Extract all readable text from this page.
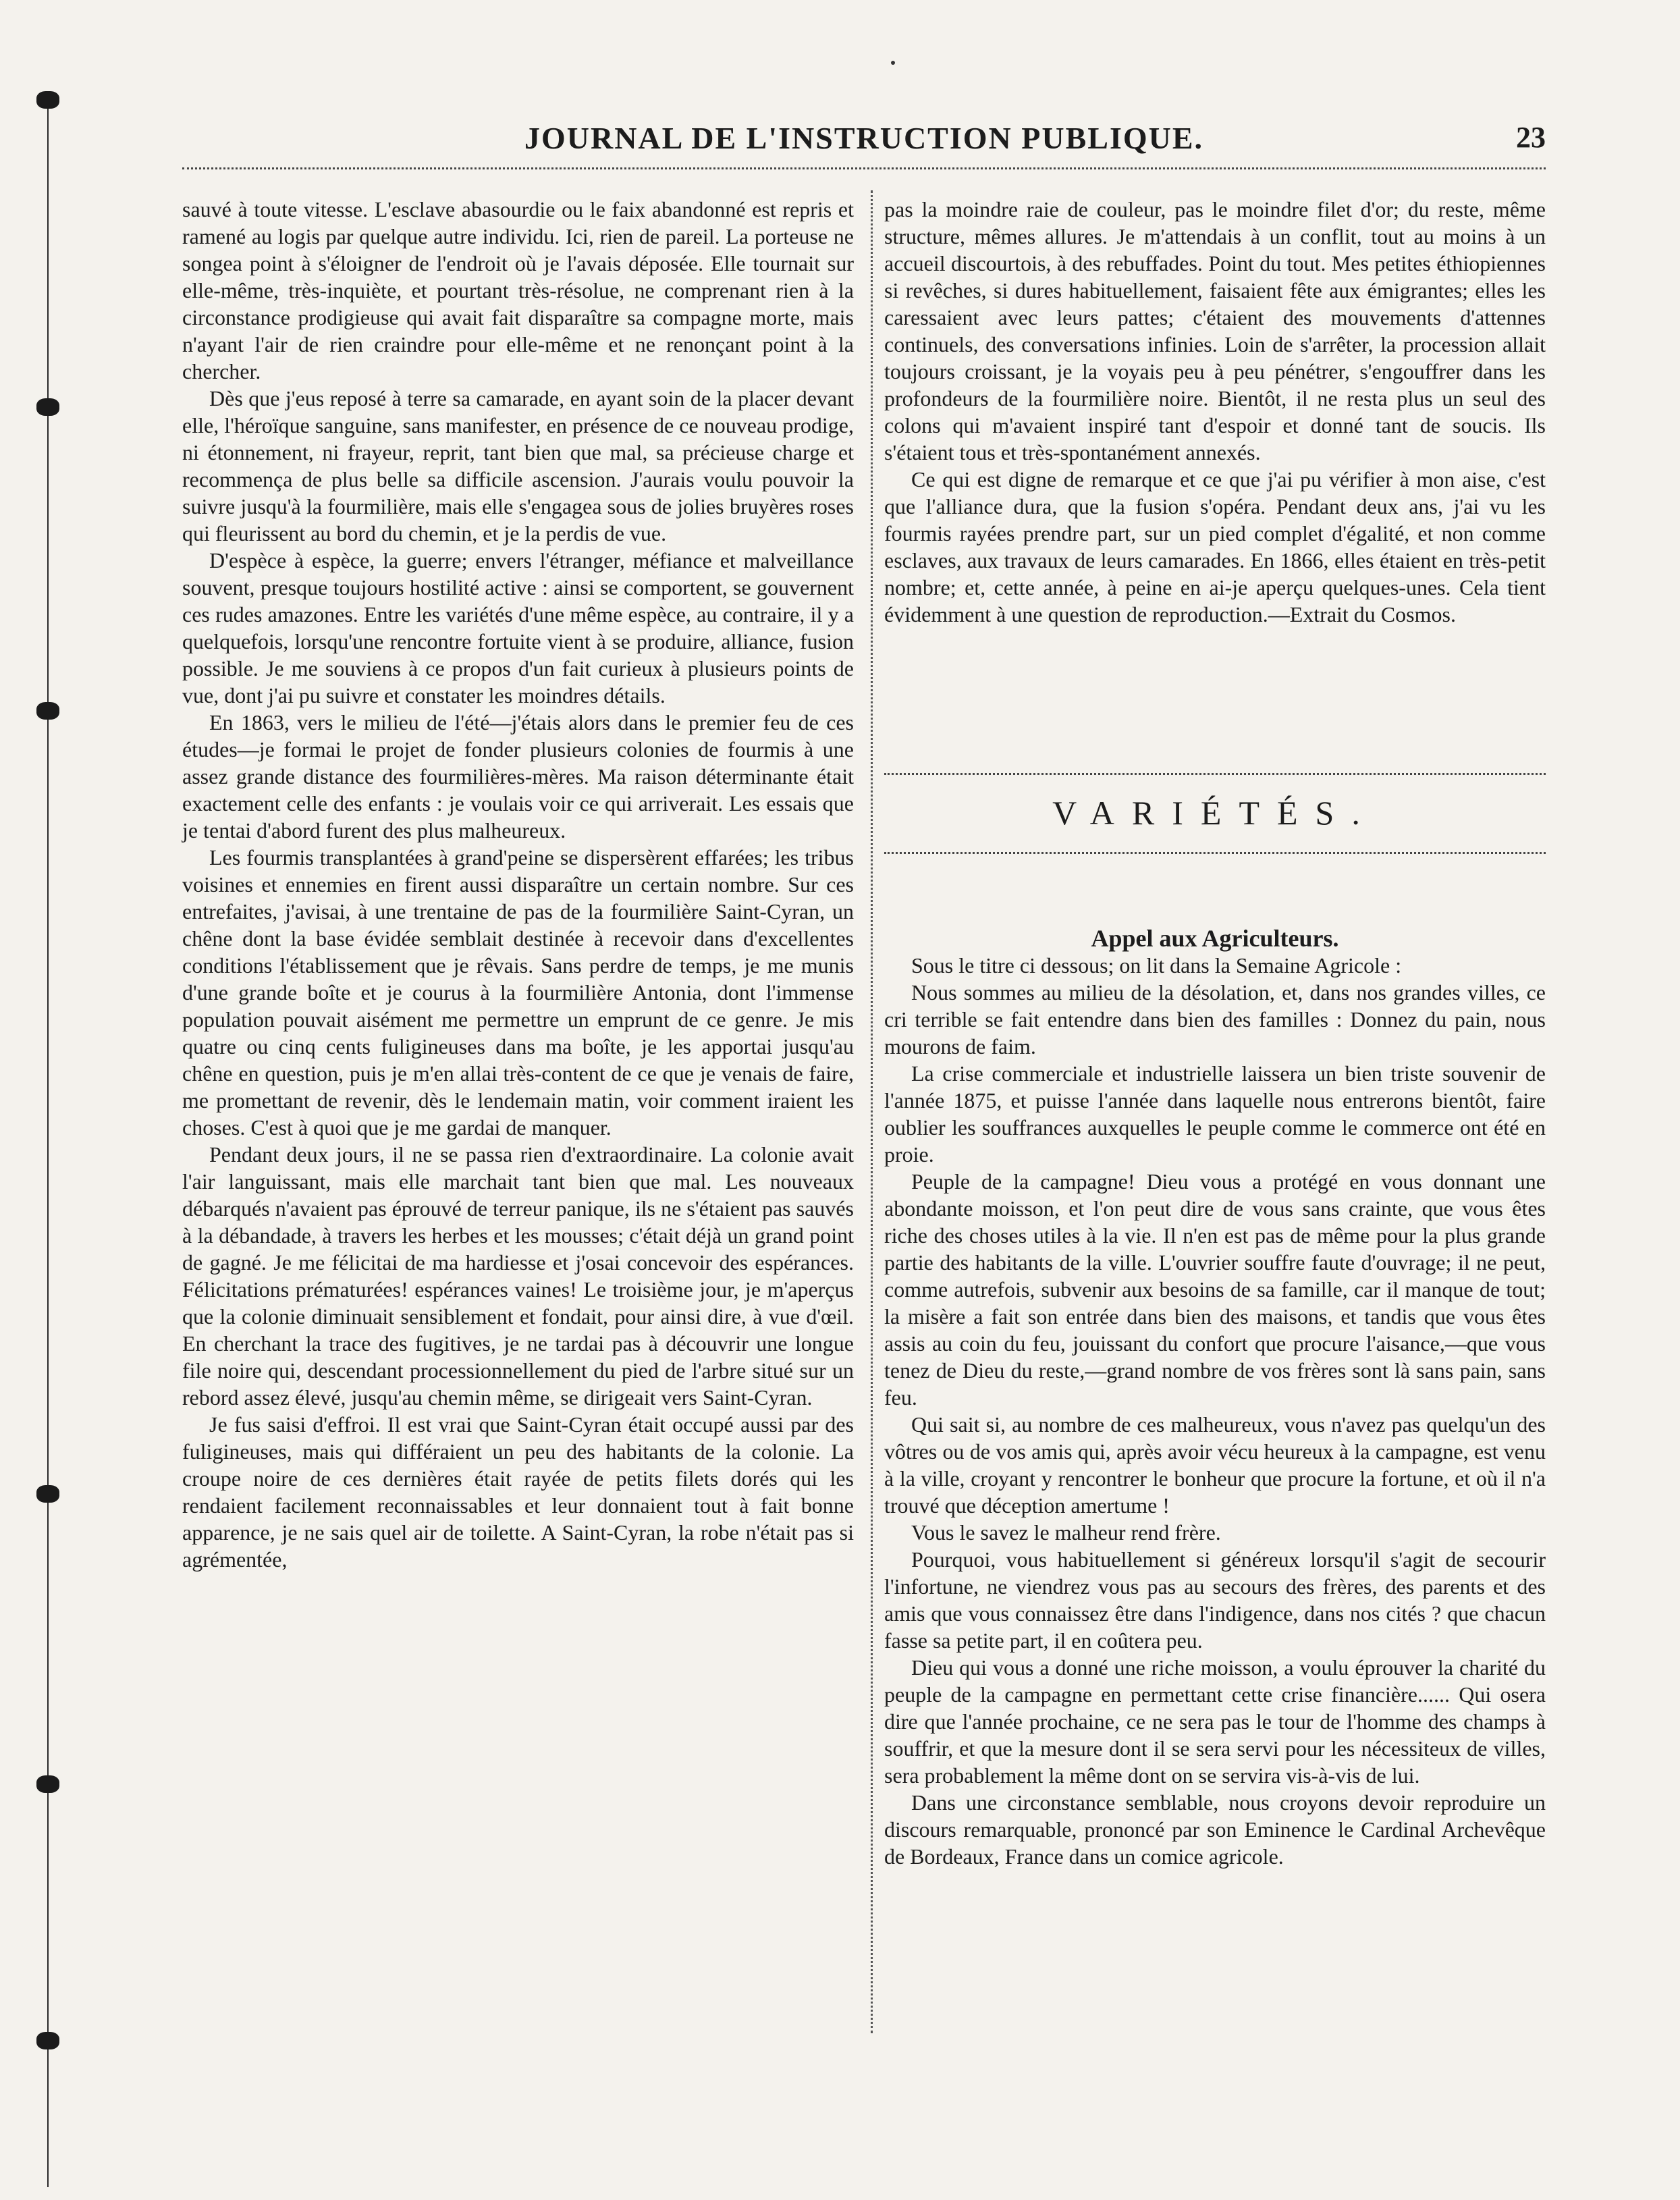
JOURNAL DE L'INSTRUCTION PUBLIQUE.	23

sauvé à toute vitesse. L'esclave abasourdie ou le faix abandonné est repris et ramené au logis par quelque autre individu. Ici, rien de pareil. La porteuse ne songea point à s'éloigner de l'endroit où je l'avais déposée. Elle tournait sur elle-même, très-inquiète, et pourtant très-résolue, ne comprenant rien à la circonstance prodigieuse qui avait fait disparaître sa compagne morte, mais n'ayant l'air de rien craindre pour elle-même et ne renonçant point à la chercher.

Dès que j'eus reposé à terre sa camarade, en ayant soin de la placer devant elle, l'héroïque sanguine, sans manifester, en présence de ce nouveau prodige, ni étonnement, ni frayeur, reprit, tant bien que mal, sa précieuse charge et recommença de plus belle sa difficile ascension. J'aurais voulu pouvoir la suivre jusqu'à la fourmilière, mais elle s'engagea sous de jolies bruyères roses qui fleurissent au bord du chemin, et je la perdis de vue.

D'espèce à espèce, la guerre; envers l'étranger, méfiance et malveillance souvent, presque toujours hostilité active : ainsi se comportent, se gouvernent ces rudes amazones. Entre les variétés d'une même espèce, au contraire, il y a quelquefois, lorsqu'une rencontre fortuite vient à se produire, alliance, fusion possible. Je me souviens à ce propos d'un fait curieux à plusieurs points de vue, dont j'ai pu suivre et constater les moindres détails.

En 1863, vers le milieu de l'été—j'étais alors dans le premier feu de ces études—je formai le projet de fonder plusieurs colonies de fourmis à une assez grande distance des fourmilières-mères. Ma raison déterminante était exactement celle des enfants : je voulais voir ce qui arriverait. Les essais que je tentai d'abord furent des plus malheureux.

Les fourmis transplantées à grand'peine se dispersèrent effarées; les tribus voisines et ennemies en firent aussi disparaître un certain nombre. Sur ces entrefaites, j'avisai, à une trentaine de pas de la fourmilière Saint-Cyran, un chêne dont la base évidée semblait destinée à recevoir dans d'excellentes conditions l'établissement que je rêvais. Sans perdre de temps, je me munis d'une grande boîte et je courus à la fourmilière Antonia, dont l'immense population pouvait aisément me permettre un emprunt de ce genre. Je mis quatre ou cinq cents fuligineuses dans ma boîte, je les apportai jusqu'au chêne en question, puis je m'en allai très-content de ce que je venais de faire, me promettant de revenir, dès le lendemain matin, voir comment iraient les choses. C'est à quoi que je me gardai de manquer.

Pendant deux jours, il ne se passa rien d'extraordinaire. La colonie avait l'air languissant, mais elle marchait tant bien que mal. Les nouveaux débarqués n'avaient pas éprouvé de terreur panique, ils ne s'étaient pas sauvés à la débandade, à travers les herbes et les mousses; c'était déjà un grand point de gagné. Je me félicitai de ma hardiesse et j'osai concevoir des espérances. Félicitations prématurées! espérances vaines! Le troisième jour, je m'aperçus que la colonie diminuait sensiblement et fondait, pour ainsi dire, à vue d'œil. En cherchant la trace des fugitives, je ne tardai pas à découvrir une longue file noire qui, descendant processionnellement du pied de l'arbre situé sur un rebord assez élevé, jusqu'au chemin même, se dirigeait vers Saint-Cyran.

Je fus saisi d'effroi. Il est vrai que Saint-Cyran était occupé aussi par des fuligineuses, mais qui différaient un peu des habitants de la colonie. La croupe noire de ces dernières était rayée de petits filets dorés qui les rendaient facilement reconnaissables et leur donnaient tout à fait bonne apparence, je ne sais quel air de toilette. A Saint-Cyran, la robe n'était pas si agrémentée,

pas la moindre raie de couleur, pas le moindre filet d'or; du reste, même structure, mêmes allures. Je m'attendais à un conflit, tout au moins à un accueil discourtois, à des rebuffades. Point du tout. Mes petites éthiopiennes si revêches, si dures habituellement, faisaient fête aux émigrantes; elles les caressaient avec leurs pattes; c'étaient des mouvements d'attennes continuels, des conversations infinies. Loin de s'arrêter, la procession allait toujours croissant, je la voyais peu à peu pénétrer, s'engouffrer dans les profondeurs de la fourmilière noire. Bientôt, il ne resta plus un seul des colons qui m'avaient inspiré tant d'espoir et donné tant de soucis. Ils s'étaient tous et très-spontanément annexés.

Ce qui est digne de remarque et ce que j'ai pu vérifier à mon aise, c'est que l'alliance dura, que la fusion s'opéra. Pendant deux ans, j'ai vu les fourmis rayées prendre part, sur un pied complet d'égalité, et non comme esclaves, aux travaux de leurs camarades. En 1866, elles étaient en très-petit nombre; et, cette année, à peine en ai-je aperçu quelques-unes. Cela tient évidemment à une question de reproduction.—Extrait du Cosmos.

VARIÉTÉS.

Appel aux Agriculteurs.

Sous le titre ci dessous; on lit dans la Semaine Agricole :

Nous sommes au milieu de la désolation, et, dans nos grandes villes, ce cri terrible se fait entendre dans bien des familles : Donnez du pain, nous mourons de faim.

La crise commerciale et industrielle laissera un bien triste souvenir de l'année 1875, et puisse l'année dans laquelle nous entrerons bientôt, faire oublier les souffrances auxquelles le peuple comme le commerce ont été en proie.

Peuple de la campagne! Dieu vous a protégé en vous donnant une abondante moisson, et l'on peut dire de vous sans crainte, que vous êtes riche des choses utiles à la vie. Il n'en est pas de même pour la plus grande partie des habitants de la ville. L'ouvrier souffre faute d'ouvrage; il ne peut, comme autrefois, subvenir aux besoins de sa famille, car il manque de tout; la misère a fait son entrée dans bien des maisons, et tandis que vous êtes assis au coin du feu, jouissant du confort que procure l'aisance,—que vous tenez de Dieu du reste,—grand nombre de vos frères sont là sans pain, sans feu.

Qui sait si, au nombre de ces malheureux, vous n'avez pas quelqu'un des vôtres ou de vos amis qui, après avoir vécu heureux à la campagne, est venu à la ville, croyant y rencontrer le bonheur que procure la fortune, et où il n'a trouvé que déception amertume !

Vous le savez le malheur rend frère.

Pourquoi, vous habituellement si généreux lorsqu'il s'agit de secourir l'infortune, ne viendrez vous pas au secours des frères, des parents et des amis que vous connaissez être dans l'indigence, dans nos cités ? que chacun fasse sa petite part, il en coûtera peu.

Dieu qui vous a donné une riche moisson, a voulu éprouver la charité du peuple de la campagne en permettant cette crise financière...... Qui osera dire que l'année prochaine, ce ne sera pas le tour de l'homme des champs à souffrir, et que la mesure dont il se sera servi pour les nécessiteux de villes, sera probablement la même dont on se servira vis-à-vis de lui.

Dans une circonstance semblable, nous croyons devoir reproduire un discours remarquable, prononcé par son Eminence le Cardinal Archevêque de Bordeaux, France dans un comice agricole.
